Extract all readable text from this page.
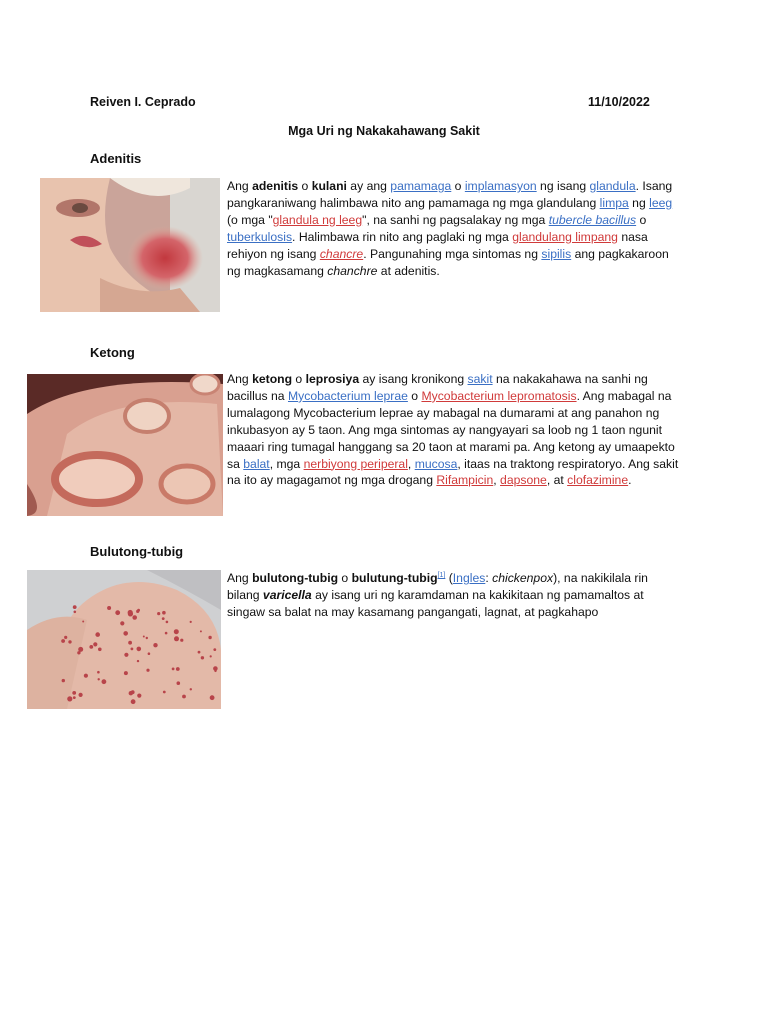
Reiven I. Ceprado	11/10/2022
Mga Uri ng Nakakahawang Sakit
Adenitis
Ang adenitis o kulani ay ang pamamaga o implamasyon ng isang glandula. Isang pangkaraniwang halimbawa nito ang pamamaga ng mga glandulang limpa ng leeg (o mga "glandula ng leeg", na sanhi ng pagsalakay ng mga tubercle bacillus o tuberkulosis. Halimbawa rin nito ang paglaki ng mga glandulang limpang nasa rehiyon ng isang chancre. Pangunahing mga sintomas ng sipilis ang pagkakaroon ng magkasamang chanchre at adenitis.
Ketong
Ang ketong o leprosiya ay isang kronikong sakit na nakakahawa na sanhi ng bacillus na Mycobacterium leprae o Mycobacterium lepromatosis. Ang mabagal na lumalagong Mycobacterium leprae ay mabagal na dumarami at ang panahon ng inkubasyon ay 5 taon. Ang mga sintomas ay nangyayari sa loob ng 1 taon ngunit maaari ring tumagal hanggang sa 20 taon at marami pa. Ang ketong ay umaapekto sa balat, mga nerbiyong periperal, mucosa, itaas na traktong respiratoryo. Ang sakit na ito ay magagamot ng mga drogang Rifampicin, dapsone, at clofazimine.
Bulutong-tubig
Ang bulutong-tubig o bulutung-tubig[1] (Ingles: chickenpox), na nakikilala rin bilang varicella ay isang uri ng karamdaman na kakikitaan ng pamamaltos at singaw sa balat na may kasamang pangangati, lagnat, at pagkahapo
